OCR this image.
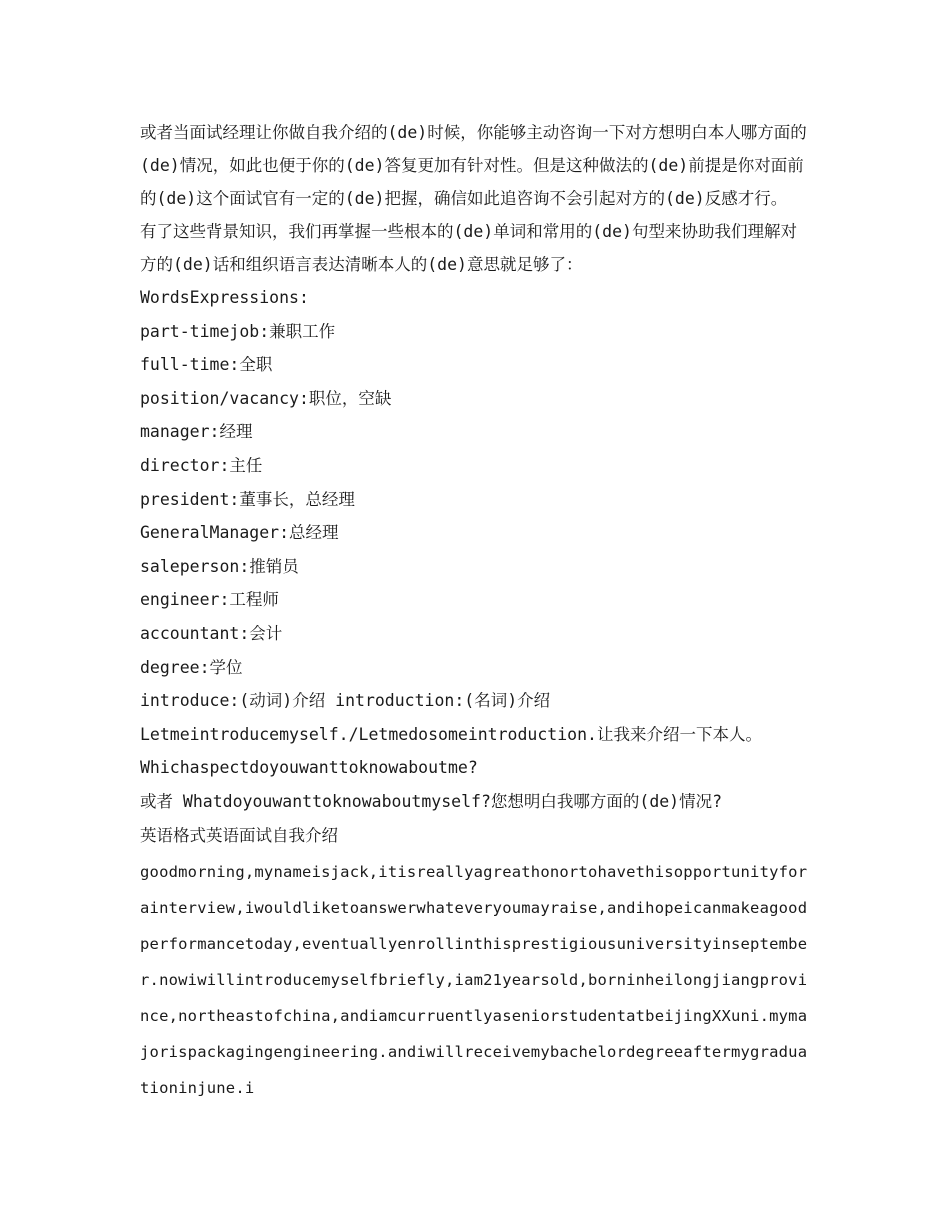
或者当面试经理让你做自我介绍的(de)时候，你能够主动咨询一下对方想明白本人哪方面的(de)情况，如此也便于你的(de)答复更加有针对性。但是这种做法的(de)前提是你对面前的(de)这个面试官有一定的(de)把握，确信如此追咨询不会引起对方的(de)反感才行。

有了这些背景知识，我们再掌握一些根本的(de)单词和常用的(de)句型来协助我们理解对方的(de)话和组织语言表达清晰本人的(de)意思就足够了：

WordsExpressions:

part-timejob:兼职工作

full-time:全职

position/vacancy:职位，空缺

manager:经理

director:主任

president:董事长，总经理

GeneralManager:总经理

saleperson:推销员

engineer:工程师

accountant:会计

degree:学位

introduce:(动词)介绍 introduction:(名词)介绍

Letmeintroducemyself./Letmedosomeintroduction.让我来介绍一下本人。

Whichaspectdoyouwanttoknowaboutme?

或者 Whatdoyouwanttoknowaboutmyself?您想明白我哪方面的(de)情况?

英语格式英语面试自我介绍

goodmorning,mynameisjack,itisreallyagreathonortohavethisopportunityforainterview,iwouldliketoanswerwhateveryoumayraise,andihopeicanmakeagoodperformancetoday,eventuallyenrollinthisprestigiousuniversityinseptember.nowiwillintroducemyselfbriefly,iam21yearsold,borninheilongjiangprovince,northeastofchina,andiamcurruentlyaseniorstudentatbeijingXXuni.mymajorispackagingengineering.andiwillreceivemybachelordegreeaftermygraduationinjune.i
